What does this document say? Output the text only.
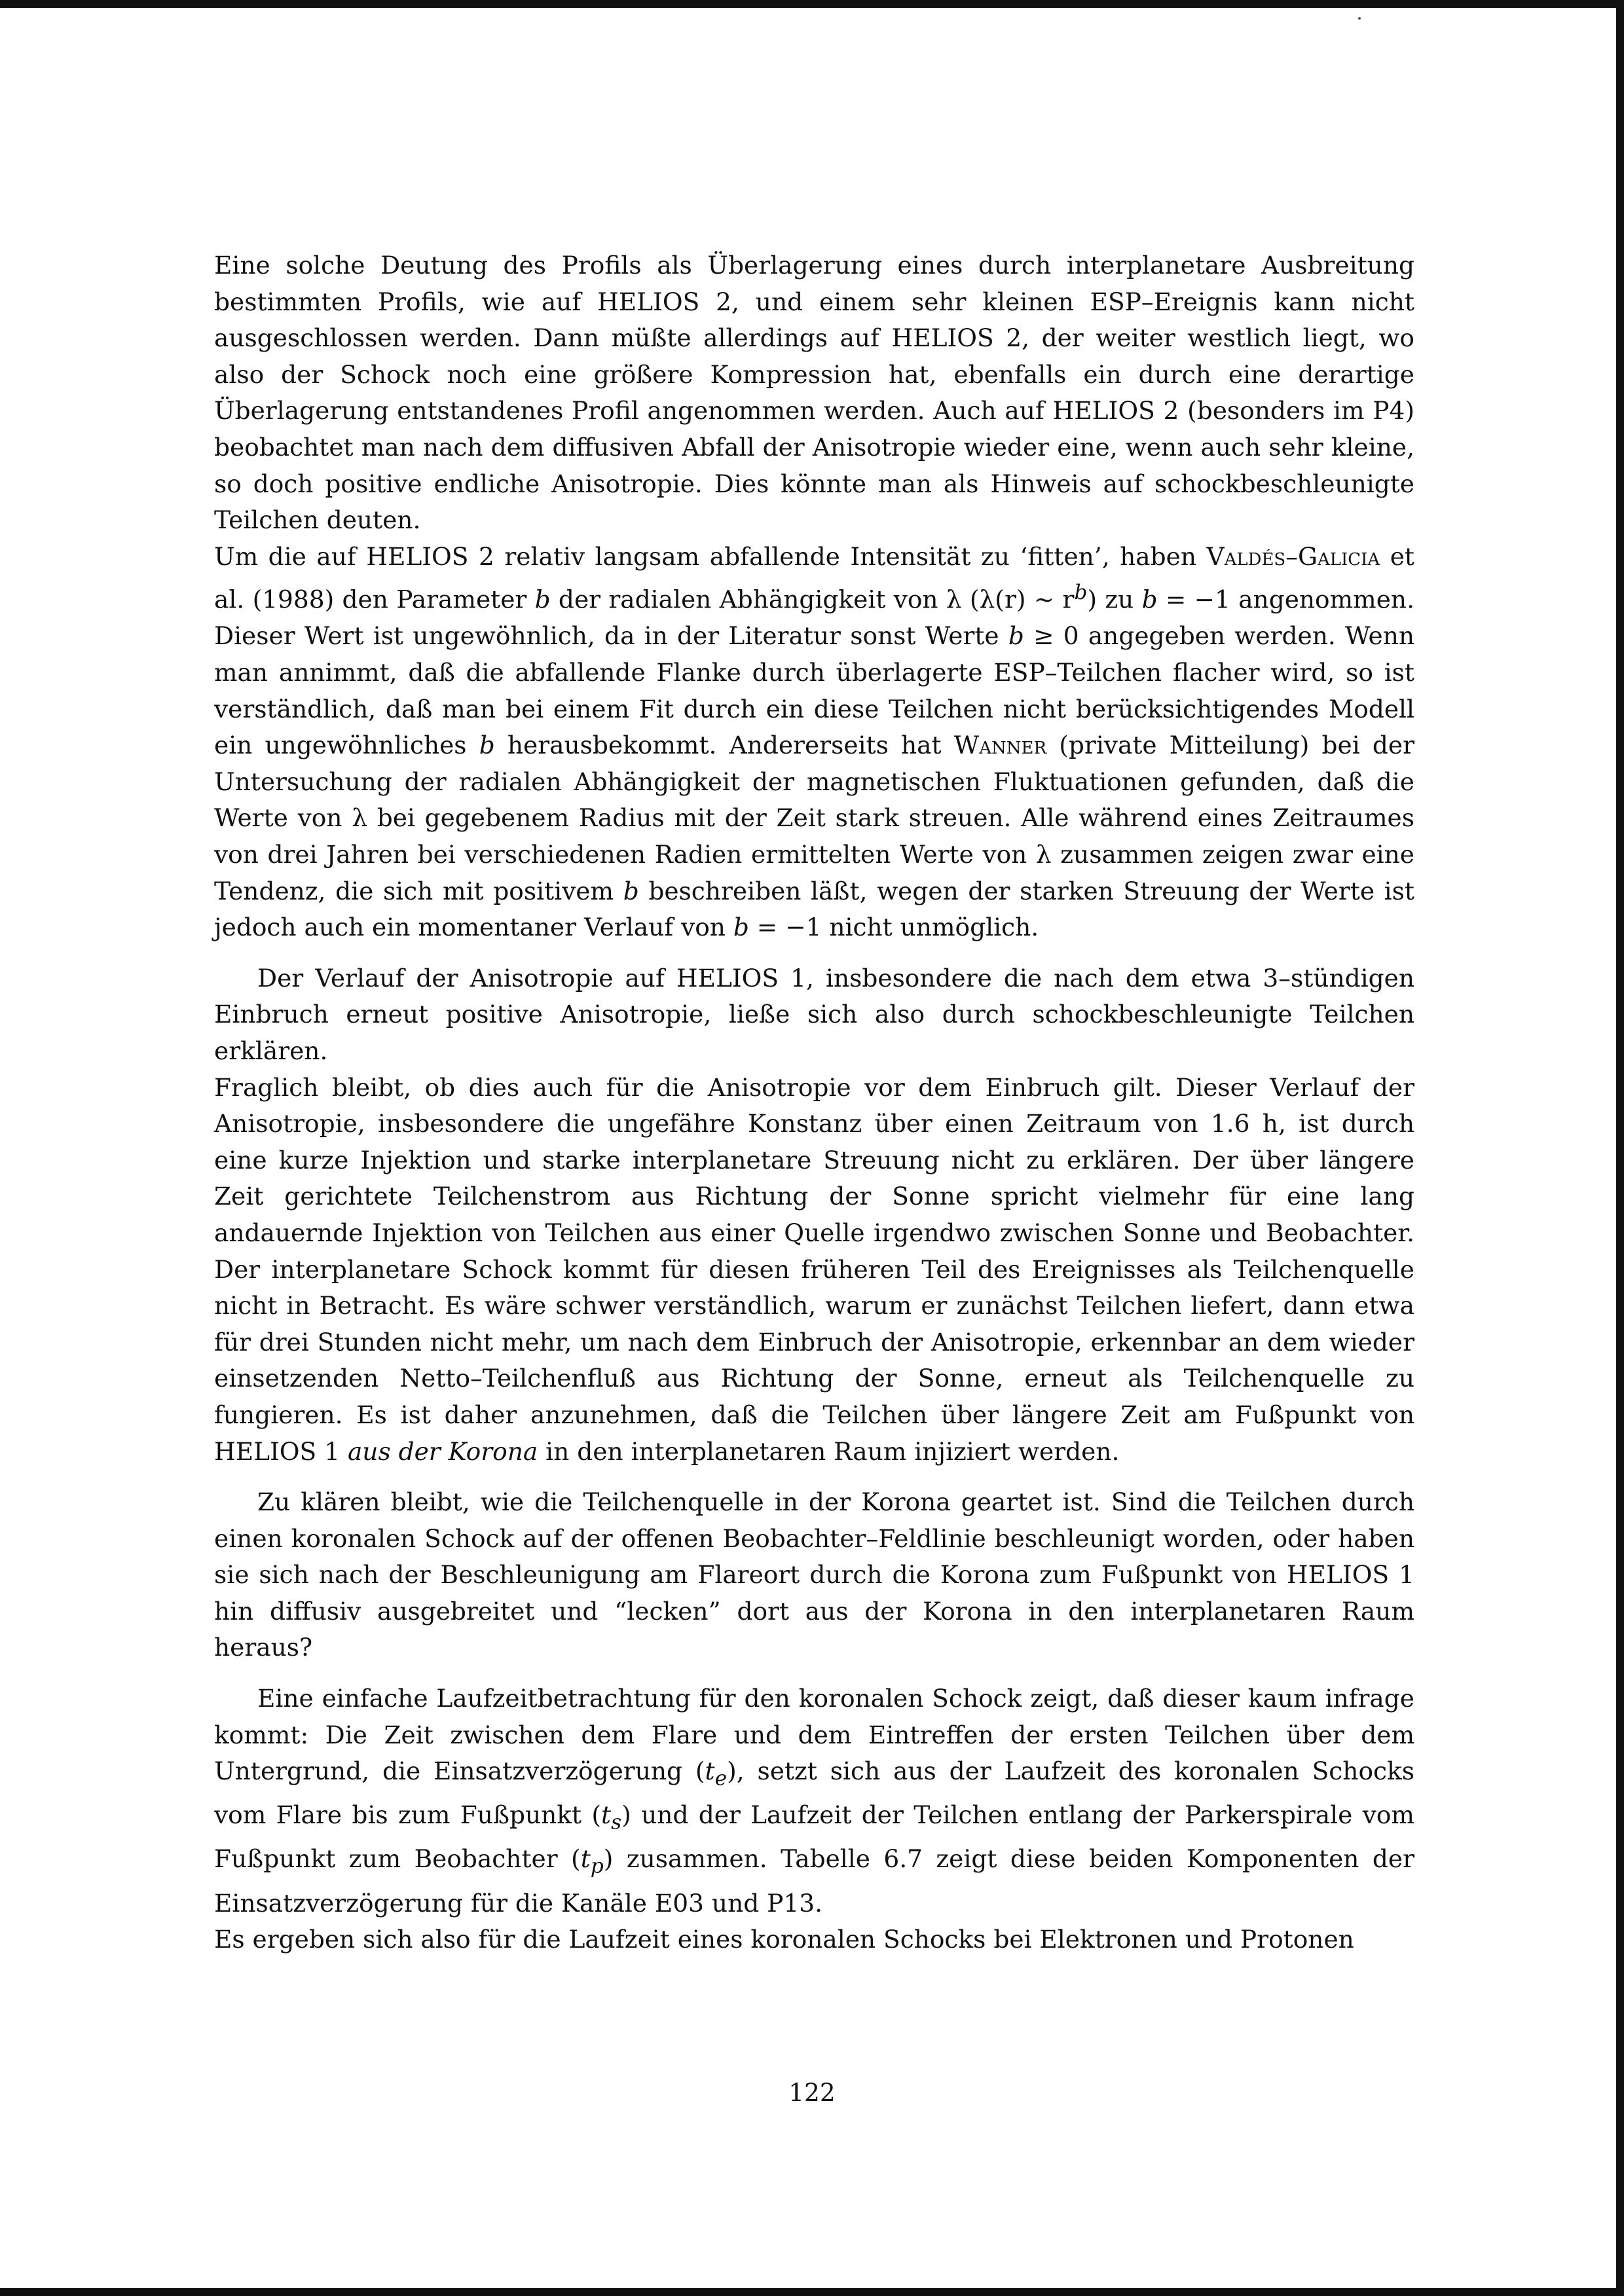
Eine solche Deutung des Profils als Überlagerung eines durch interplanetare Ausbreitung bestimmten Profils, wie auf HELIOS 2, und einem sehr kleinen ESP–Ereignis kann nicht ausgeschlossen werden. Dann müßte allerdings auf HELIOS 2, der weiter westlich liegt, wo also der Schock noch eine größere Kompression hat, ebenfalls ein durch eine derartige Überlagerung entstandenes Profil angenommen werden. Auch auf HELIOS 2 (besonders im P4) beobachtet man nach dem diffusiven Abfall der Anisotropie wieder eine, wenn auch sehr kleine, so doch positive endliche Anisotropie. Dies könnte man als Hinweis auf schockbeschleunigte Teilchen deuten.

Um die auf HELIOS 2 relativ langsam abfallende Intensität zu ‘fitten’, haben Valdés–Galicia et al. (1988) den Parameter b der radialen Abhängigkeit von λ (λ(r) ∼ $r^b$) zu b = −1 angenommen. Dieser Wert ist ungewöhnlich, da in der Literatur sonst Werte b ≥ 0 angegeben werden. Wenn man annimmt, daß die abfallende Flanke durch überlagerte ESP–Teilchen flacher wird, so ist verständlich, daß man bei einem Fit durch ein diese Teilchen nicht berücksichtigendes Modell ein ungewöhnliches b herausbekommt. Andererseits hat Wanner (private Mitteilung) bei der Untersuchung der radialen Abhängigkeit der magnetischen Fluktuationen gefunden, daß die Werte von λ bei gegebenem Radius mit der Zeit stark streuen. Alle während eines Zeitraumes von drei Jahren bei verschiedenen Radien ermittelten Werte von λ zusammen zeigen zwar eine Tendenz, die sich mit positivem b beschreiben läßt, wegen der starken Streuung der Werte ist jedoch auch ein momentaner Verlauf von b = −1 nicht unmöglich.

Der Verlauf der Anisotropie auf HELIOS 1, insbesondere die nach dem etwa 3–stündigen Einbruch erneut positive Anisotropie, ließe sich also durch schockbeschleunigte Teilchen erklären.

Fraglich bleibt, ob dies auch für die Anisotropie vor dem Einbruch gilt. Dieser Verlauf der Anisotropie, insbesondere die ungefähre Konstanz über einen Zeitraum von 1.6 h, ist durch eine kurze Injektion und starke interplanetare Streuung nicht zu erklären. Der über längere Zeit gerichtete Teilchenstrom aus Richtung der Sonne spricht vielmehr für eine lang andauernde Injektion von Teilchen aus einer Quelle irgendwo zwischen Sonne und Beobachter. Der interplanetare Schock kommt für diesen früheren Teil des Ereignisses als Teilchenquelle nicht in Betracht. Es wäre schwer verständlich, warum er zunächst Teilchen liefert, dann etwa für drei Stunden nicht mehr, um nach dem Einbruch der Anisotropie, erkennbar an dem wieder einsetzenden Netto–Teilchenfluß aus Richtung der Sonne, erneut als Teilchenquelle zu fungieren. Es ist daher anzunehmen, daß die Teilchen über längere Zeit am Fußpunkt von HELIOS 1 aus der Korona in den interplanetaren Raum injiziert werden.

Zu klären bleibt, wie die Teilchenquelle in der Korona geartet ist. Sind die Teilchen durch einen koronalen Schock auf der offenen Beobachter–Feldlinie beschleunigt worden, oder haben sie sich nach der Beschleunigung am Flareort durch die Korona zum Fußpunkt von HELIOS 1 hin diffusiv ausgebreitet und “lecken” dort aus der Korona in den interplanetaren Raum heraus?

Eine einfache Laufzeitbetrachtung für den koronalen Schock zeigt, daß dieser kaum infrage kommt: Die Zeit zwischen dem Flare und dem Eintreffen der ersten Teilchen über dem Untergrund, die Einsatzverzögerung $(t_e)$, setzt sich aus der Laufzeit des koronalen Schocks vom Flare bis zum Fußpunkt $(t_s)$ und der Laufzeit der Teilchen entlang der Parkerspirale vom Fußpunkt zum Beobachter $(t_p)$ zusammen. Tabelle 6.7 zeigt diese beiden Komponenten der Einsatzverzögerung für die Kanäle E03 und P13.

Es ergeben sich also für die Laufzeit eines koronalen Schocks bei Elektronen und Protonen

122
